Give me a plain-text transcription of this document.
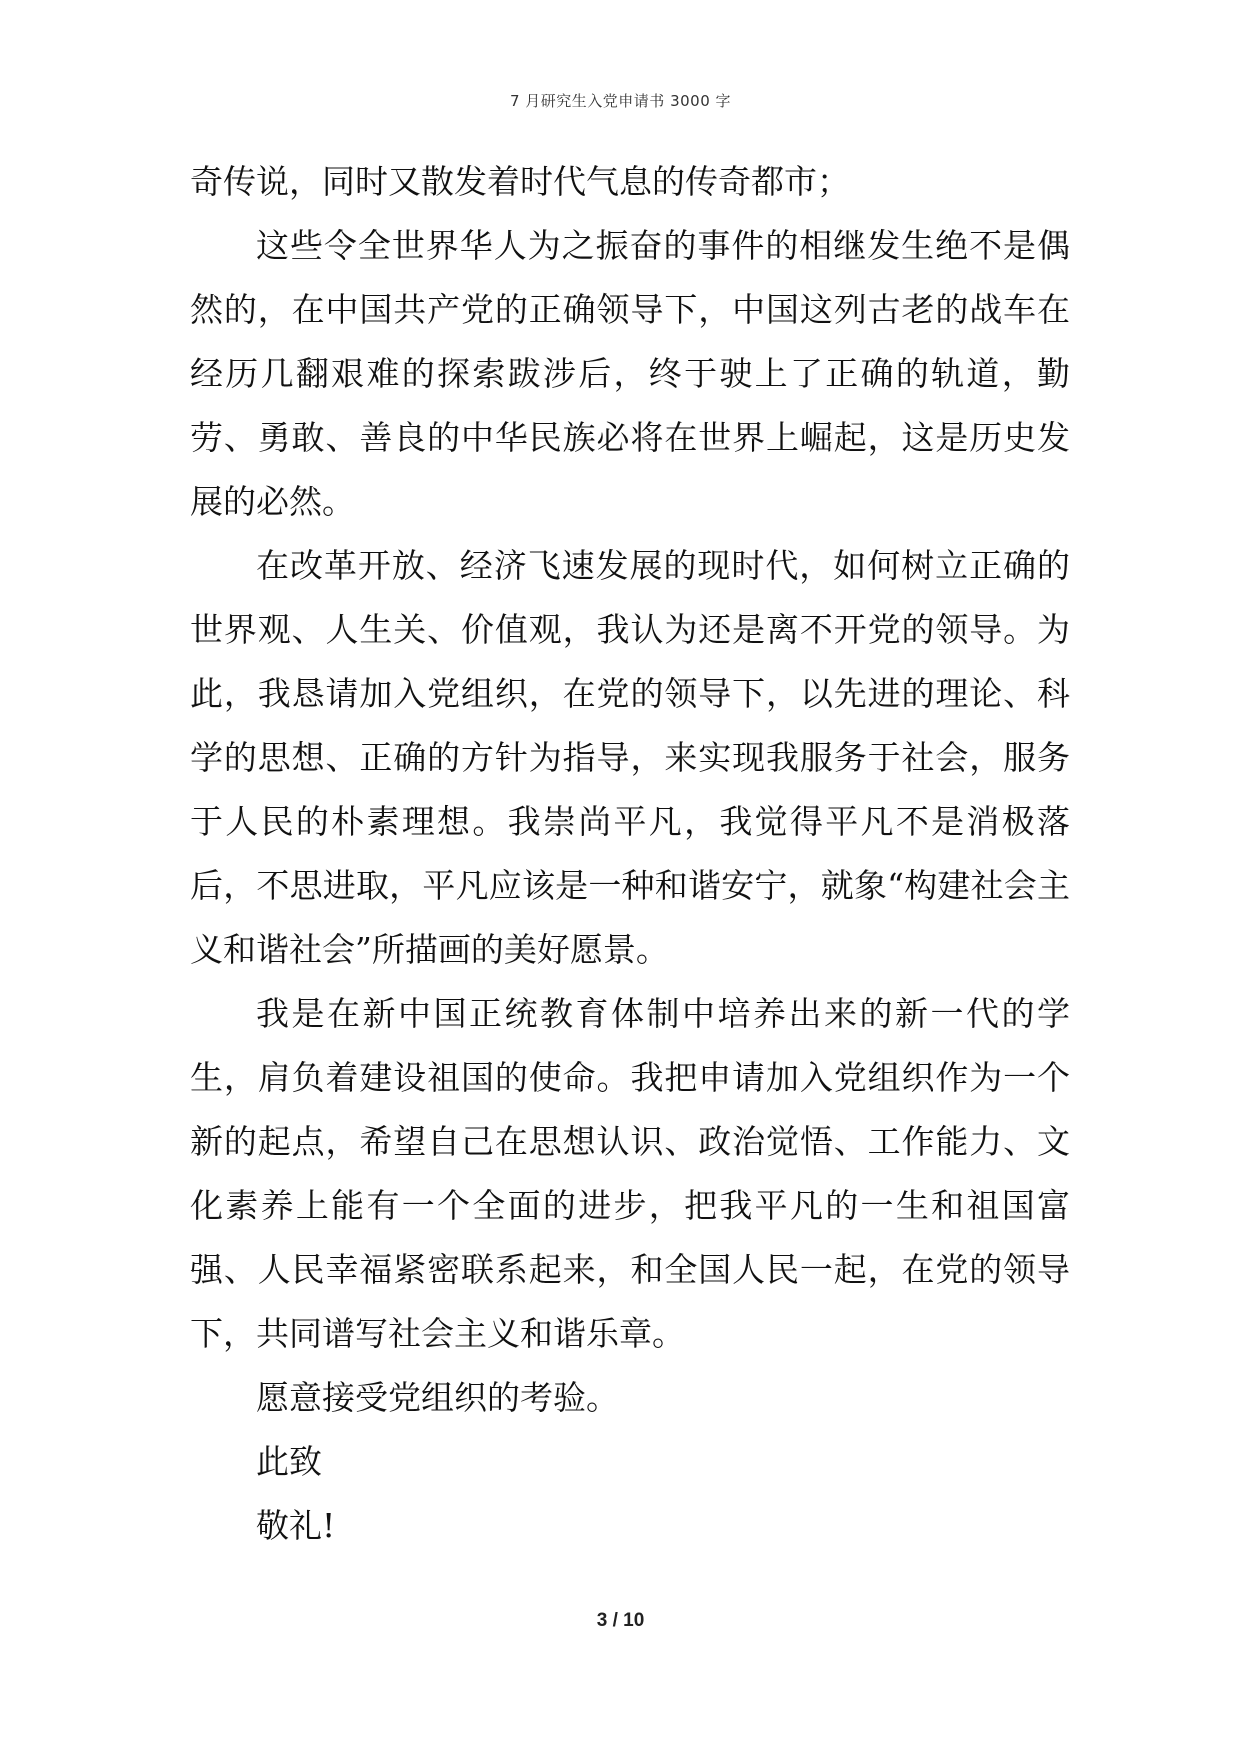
7 月研究生入党申请书 3000 字

奇传说，同时又散发着时代气息的传奇都市；

这些令全世界华人为之振奋的事件的相继发生绝不是偶然的，在中国共产党的正确领导下，中国这列古老的战车在经历几翻艰难的探索跋涉后，终于驶上了正确的轨道，勤劳、勇敢、善良的中华民族必将在世界上崛起，这是历史发展的必然。

在改革开放、经济飞速发展的现时代，如何树立正确的世界观、人生关、价值观，我认为还是离不开党的领导。为此，我恳请加入党组织，在党的领导下，以先进的理论、科学的思想、正确的方针为指导，来实现我服务于社会，服务于人民的朴素理想。我崇尚平凡，我觉得平凡不是消极落后，不思进取，平凡应该是一种和谐安宁，就象“构建社会主义和谐社会”所描画的美好愿景。

我是在新中国正统教育体制中培养出来的新一代的学生，肩负着建设祖国的使命。我把申请加入党组织作为一个新的起点，希望自己在思想认识、政治觉悟、工作能力、文化素养上能有一个全面的进步，把我平凡的一生和祖国富强、人民幸福紧密联系起来，和全国人民一起，在党的领导下，共同谱写社会主义和谐乐章。

愿意接受党组织的考验。

此致

敬礼!

3 / 10
